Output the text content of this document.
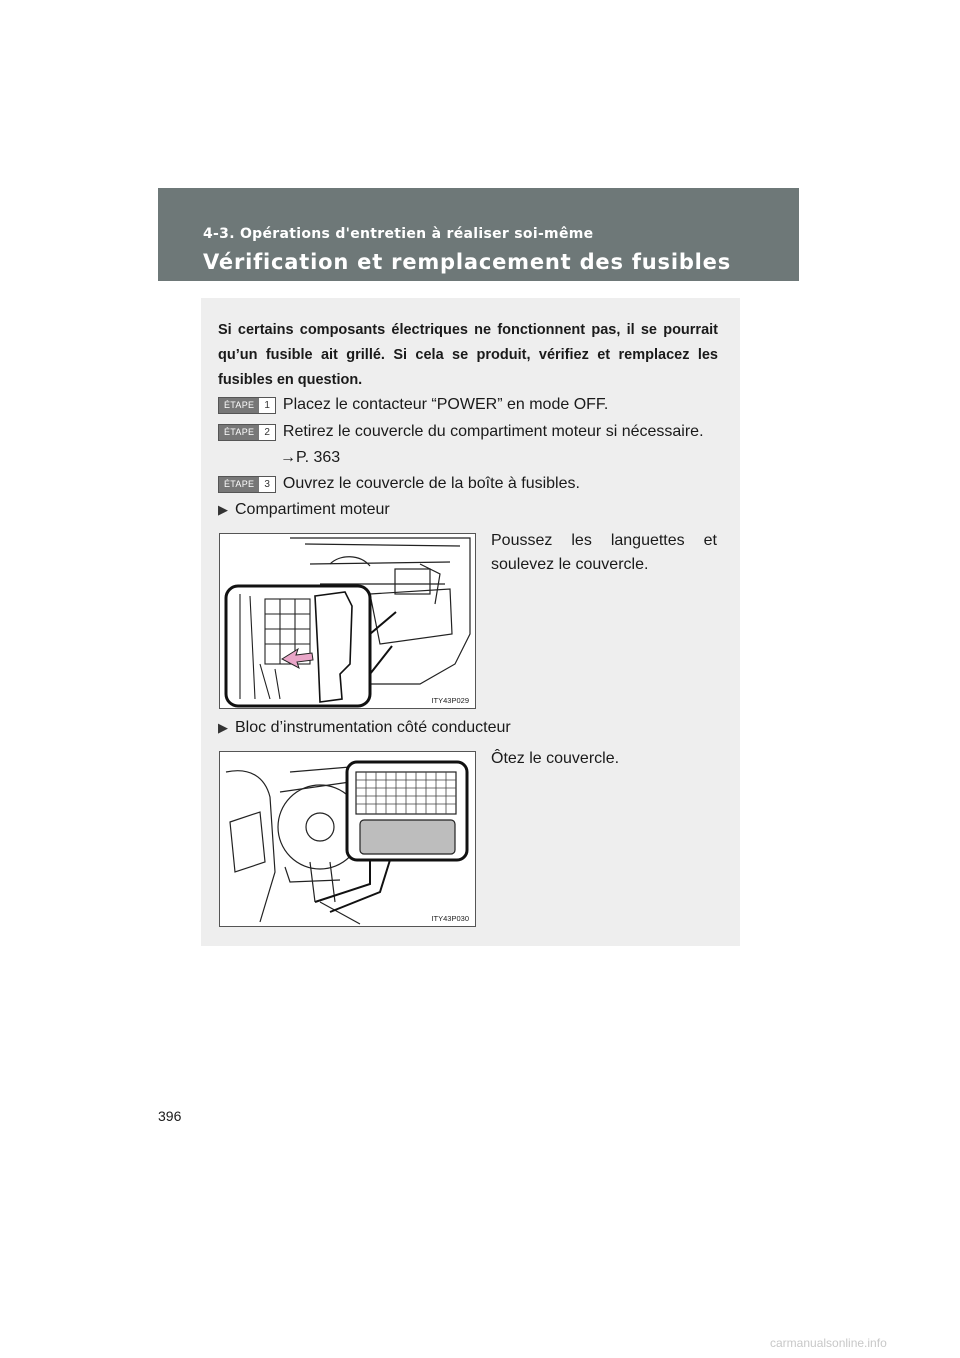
4-3. Opérations d'entretien à réaliser soi-même
Vérification et remplacement des fusibles
Si certains composants électriques ne fonctionnent pas, il se pourrait qu’un fusible ait grillé. Si cela se produit, vérifiez et remplacez les fusibles en question.
ÉTAPE	1 Placez le contacteur “POWER” en mode OFF.
ÉTAPE	2 Retirez le couvercle du compartiment moteur si nécessaire.
→P. 363
ÉTAPE	3 Ouvrez le couvercle de la boîte à fusibles.
▶ Compartiment moteur
Poussez les languettes et soulevez le couvercle.
ITY43P029
▶ Bloc d’instrumentation côté conducteur
Ôtez le couvercle.
ITY43P030
396
carmanualsonline.info
